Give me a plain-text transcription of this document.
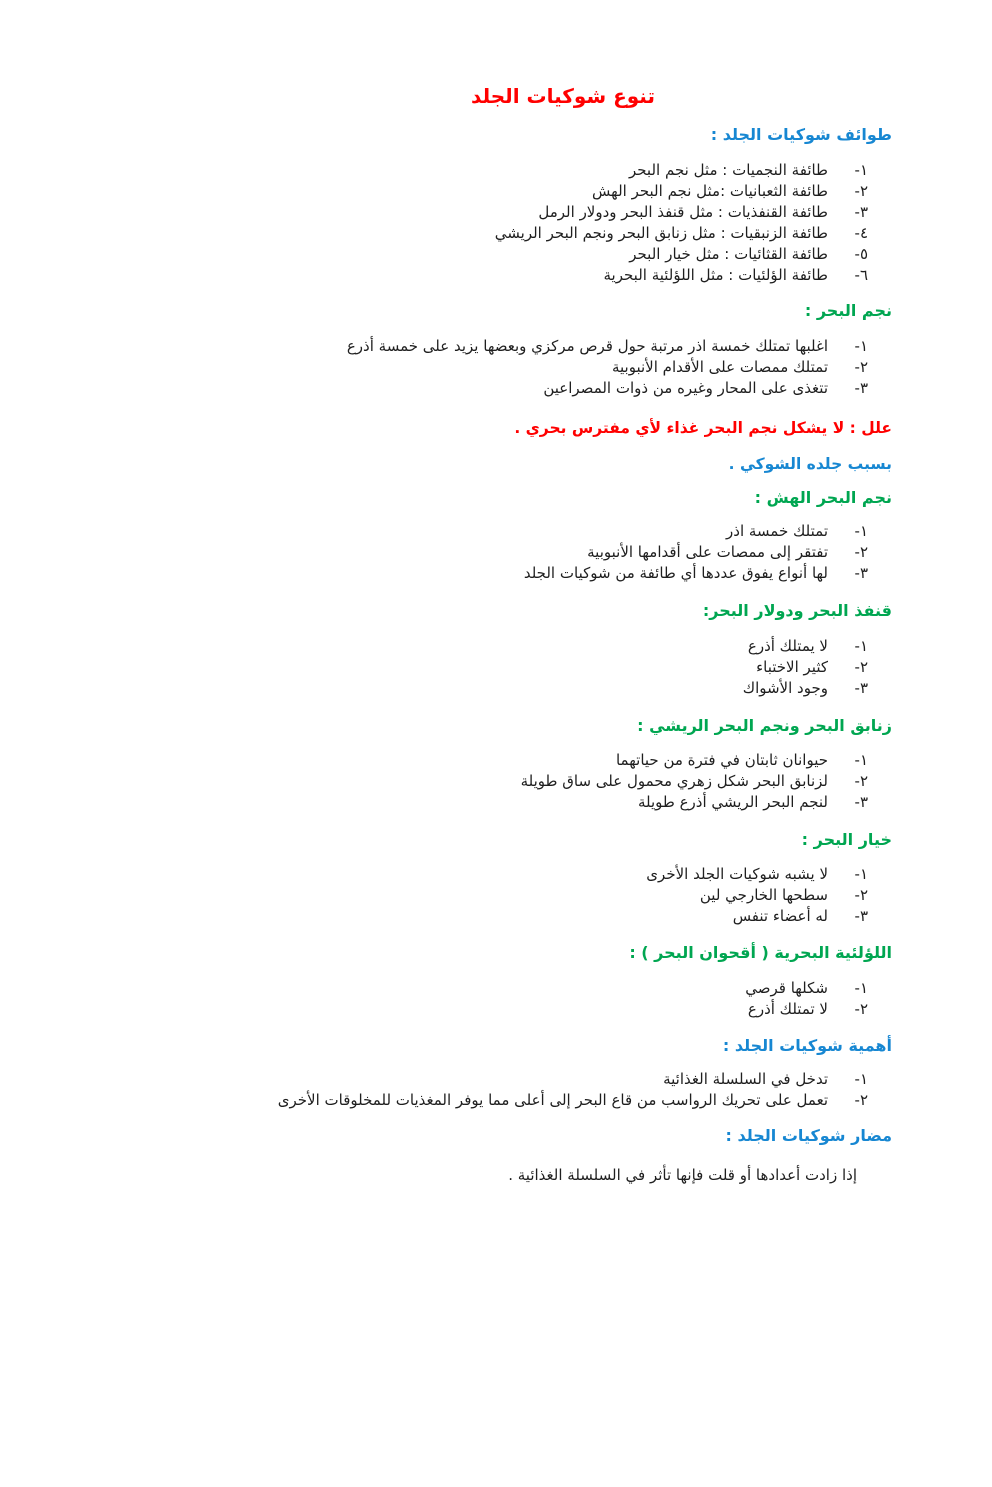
تنوع شوكيات الجلد
طوائف شوكيات الجلد :
١-
طائفة النجميات : مثل نجم البحر
٢-
طائفة الثعبانيات :مثل نجم البحر الهش
٣-
طائفة القنفذيات : مثل قنفذ البحر ودولار الرمل
٤-
طائفة الزنبقيات : مثل زنابق البحر ونجم البحر الريشي
٥-
طائفة القثائيات : مثل خيار البحر
٦-
طائفة الؤلئيات : مثل اللؤلئية البحرية
نجم البحر :
١-
اغلبها تمتلك خمسة اذر مرتبة حول قرص مركزي وبعضها يزيد على خمسة أذرع
٢-
تمتلك ممصات على الأقدام الأنبوبية
٣-
تتغذى على المحار وغيره من ذوات المصراعين
علل : لا يشكل نجم البحر غذاء لأي مفترس بحري .
بسبب جلده الشوكي .
نجم البحر الهش :
١-
تمتلك خمسة اذر
٢-
تفتقر إلى ممصات على أقدامها الأنبوبية
٣-
لها أنواع يفوق عددها أي طائفة من شوكيات الجلد
قنفذ البحر ودولار البحر:
١-
لا يمتلك أذرع
٢-
كثير الاختباء
٣-
وجود الأشواك
زنابق البحر ونجم البحر الريشي :
١-
حيوانان ثابتان في فترة من حياتهما
٢-
لزنابق البحر شكل زهري محمول على ساق طويلة
٣-
لنجم البحر الريشي أذرع طويلة
خيار البحر :
١-
لا يشبه شوكيات الجلد الأخرى
٢-
سطحها الخارجي لين
٣-
له أعضاء تنفس
اللؤلئية البحرية ( أقحوان البحر ) :
١-
شكلها قرصي
٢-
لا تمتلك أذرع
أهمية شوكيات الجلد :
١-
تدخل في السلسلة الغذائية
٢-
تعمل على تحريك الرواسب من قاع البحر إلى أعلى مما يوفر المغذيات للمخلوقات الأخرى
مضار شوكيات الجلد :
إذا زادت أعدادها أو قلت فإنها تأثر في السلسلة الغذائية .
